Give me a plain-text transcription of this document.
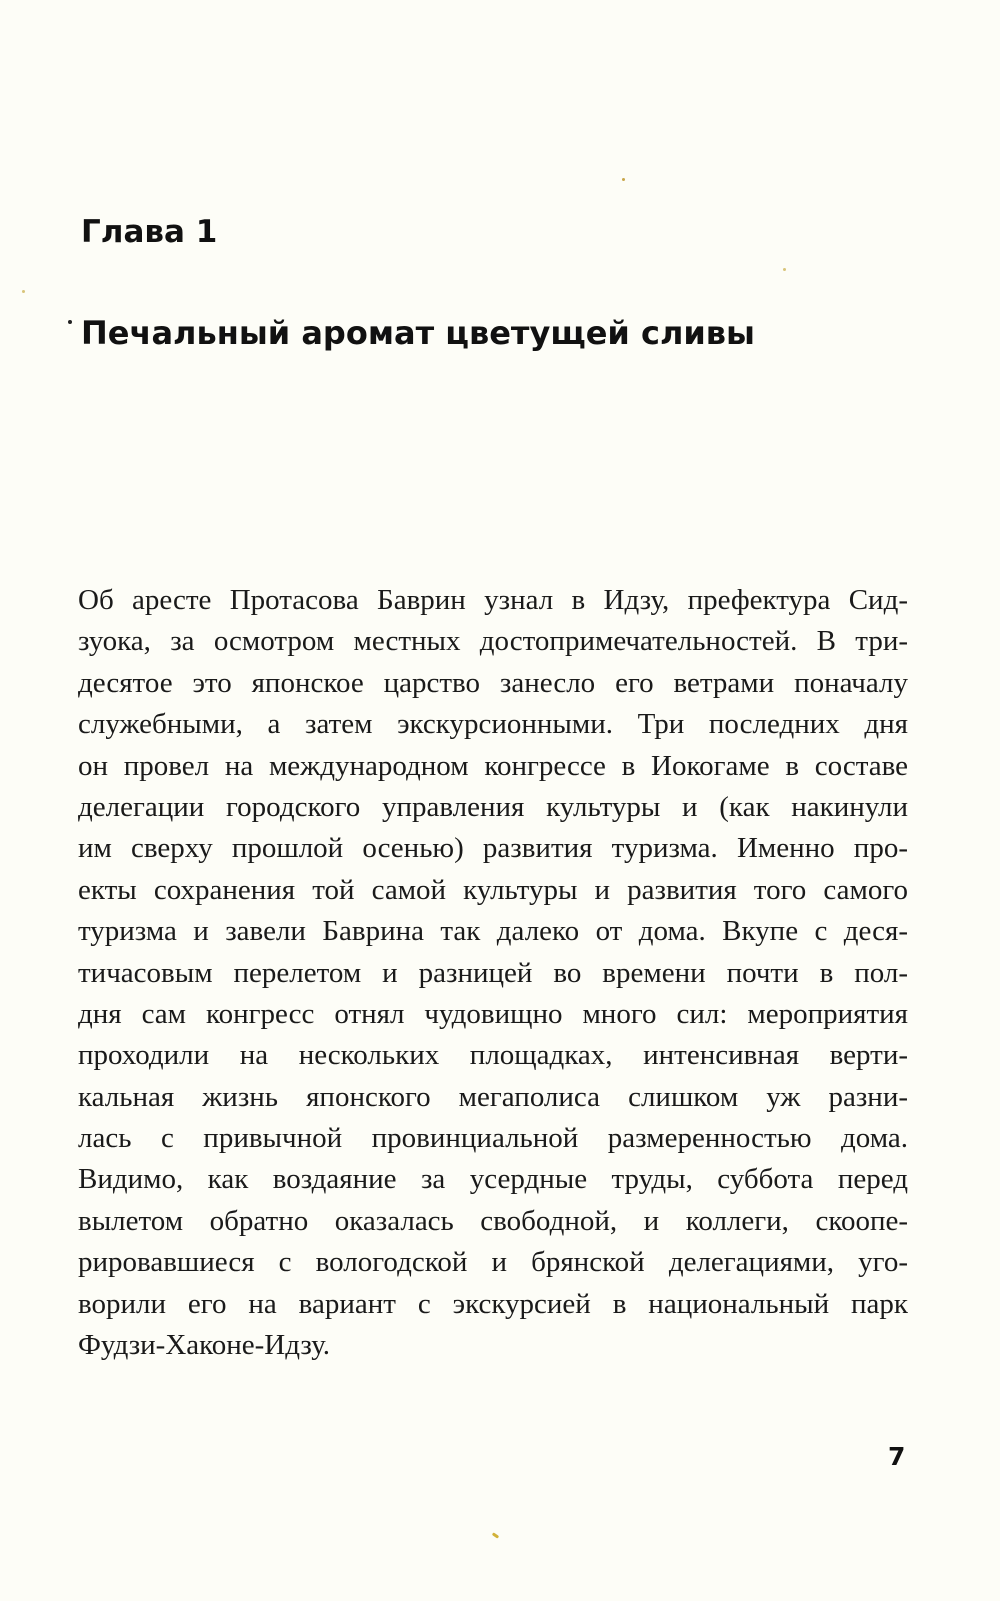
Глава 1
Печальный аромат цветущей сливы
Об аресте Протасова Баврин узнал в Идзу, префектура Сид-
зуока, за осмотром местных достопримечательностей. В три-
десятое это японское царство занесло его ветрами поначалу
служебными, а затем экскурсионными. Три последних дня
он провел на международном конгрессе в Иокогаме в составе
делегации городского управления культуры и (как накинули
им сверху прошлой осенью) развития туризма. Именно про-
екты сохранения той самой культуры и развития того самого
туризма и завели Баврина так далеко от дома. Вкупе с деся-
тичасовым перелетом и разницей во времени почти в пол-
дня сам конгресс отнял чудовищно много сил: мероприятия
проходили на нескольких площадках, интенсивная верти-
кальная жизнь японского мегаполиса слишком уж разни-
лась с привычной провинциальной размеренностью дома.
Видимо, как воздаяние за усердные труды, суббота перед
вылетом обратно оказалась свободной, и коллеги, скоопе-
рировавшиеся с вологодской и брянской делегациями, уго-
ворили его на вариант с экскурсией в национальный парк
Фудзи-Хаконе-Идзу.
7
